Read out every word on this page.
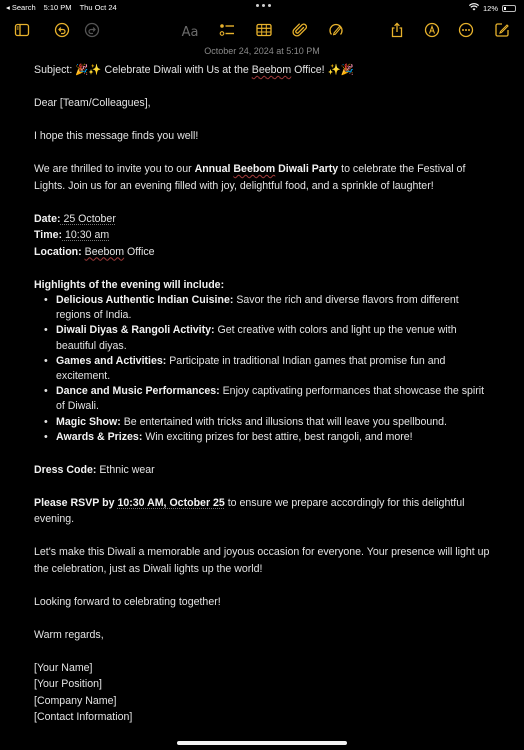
◂ Search 5:10 PM Thu Oct 24	12%
Aa
October 24, 2024 at 5:10 PM

Subject: 🎉✨ Celebrate Diwali with Us at the Beebom Office! ✨🎉

Dear [Team/Colleagues],

I hope this message finds you well!

We are thrilled to invite you to our Annual Beebom Diwali Party to celebrate the Festival of Lights. Join us for an evening filled with joy, delightful food, and a sprinkle of laughter!

Date: 25 October

Time: 10:30 am

Location: Beebom Office

Highlights of the evening will include:

• Delicious Authentic Indian Cuisine: Savor the rich and diverse flavors from different regions of India.
• Diwali Diyas & Rangoli Activity: Get creative with colors and light up the venue with beautiful diyas.
• Games and Activities: Participate in traditional Indian games that promise fun and excitement.
• Dance and Music Performances: Enjoy captivating performances that showcase the spirit of Diwali.
• Magic Show: Be entertained with tricks and illusions that will leave you spellbound.
• Awards & Prizes: Win exciting prizes for best attire, best rangoli, and more!

Dress Code: Ethnic wear

Please RSVP by 10:30 AM, October 25 to ensure we prepare accordingly for this delightful evening.

Let's make this Diwali a memorable and joyous occasion for everyone. Your presence will light up the celebration, just as Diwali lights up the world!

Looking forward to celebrating together!

Warm regards,

[Your Name]

[Your Position]

[Company Name]

[Contact Information]
